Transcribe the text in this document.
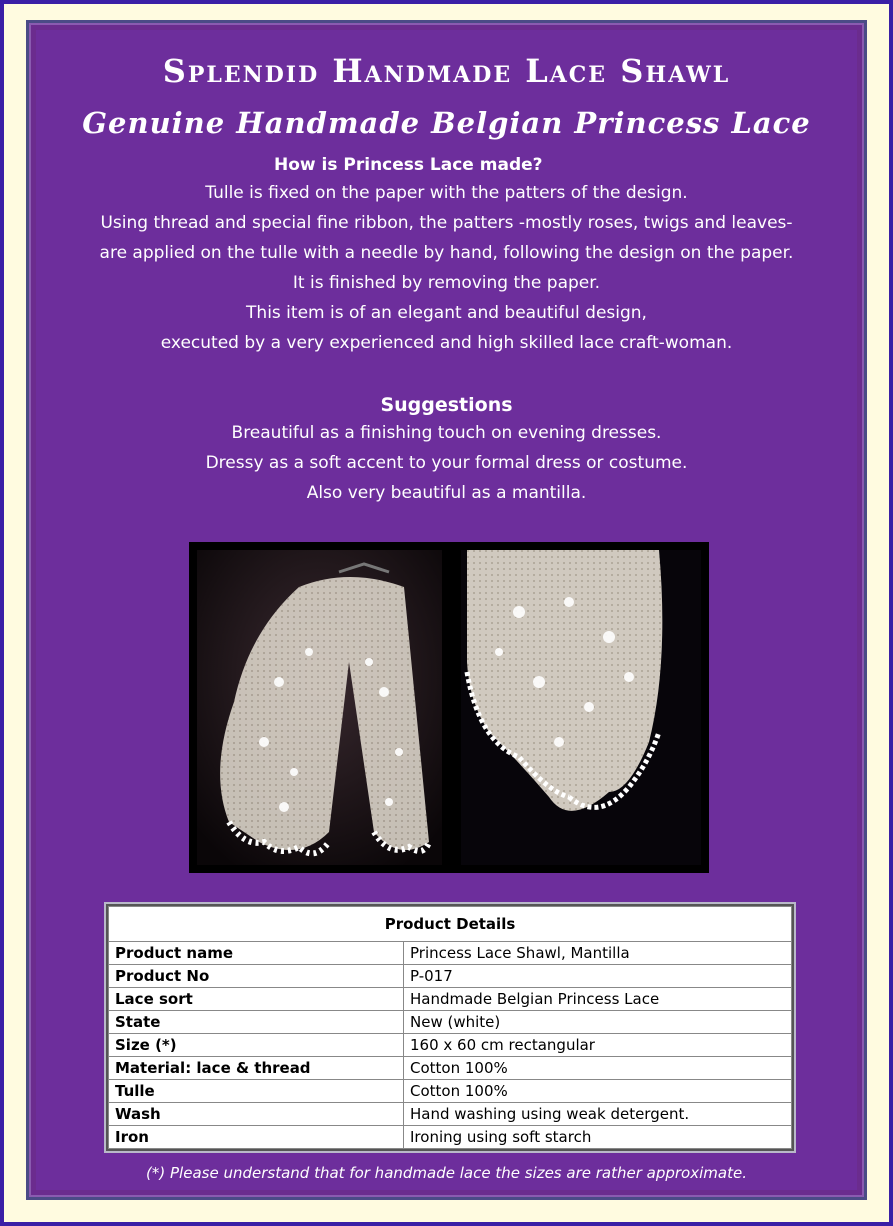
Splendid Handmade Lace Shawl
Genuine Handmade Belgian Princess Lace
How is Princess Lace made?
Tulle is fixed on the paper with the patters of the design.
Using thread and special fine ribbon, the patters -mostly roses, twigs and leaves-
are applied on the tulle with a needle by hand, following the design on the paper.
It is finished by removing the paper.
This item is of an elegant and beautiful design,
executed by a very experienced and high skilled lace craft-woman.
Suggestions
Breautiful as a finishing touch on evening dresses.
Dressy as a soft accent to your formal dress or costume.
Also very beautiful as a mantilla.
Product Details	
Product name	Princess Lace Shawl, Mantilla
Product No	P-017
Lace sort	Handmade Belgian Princess Lace
State	New (white)
Size (*)	160 x 60 cm rectangular
Material: lace & thread	Cotton 100%
Tulle	Cotton 100%
Wash	Hand washing using weak detergent.
Iron	Ironing using soft starch
(*) Please understand that for handmade lace the sizes are rather approximate.
